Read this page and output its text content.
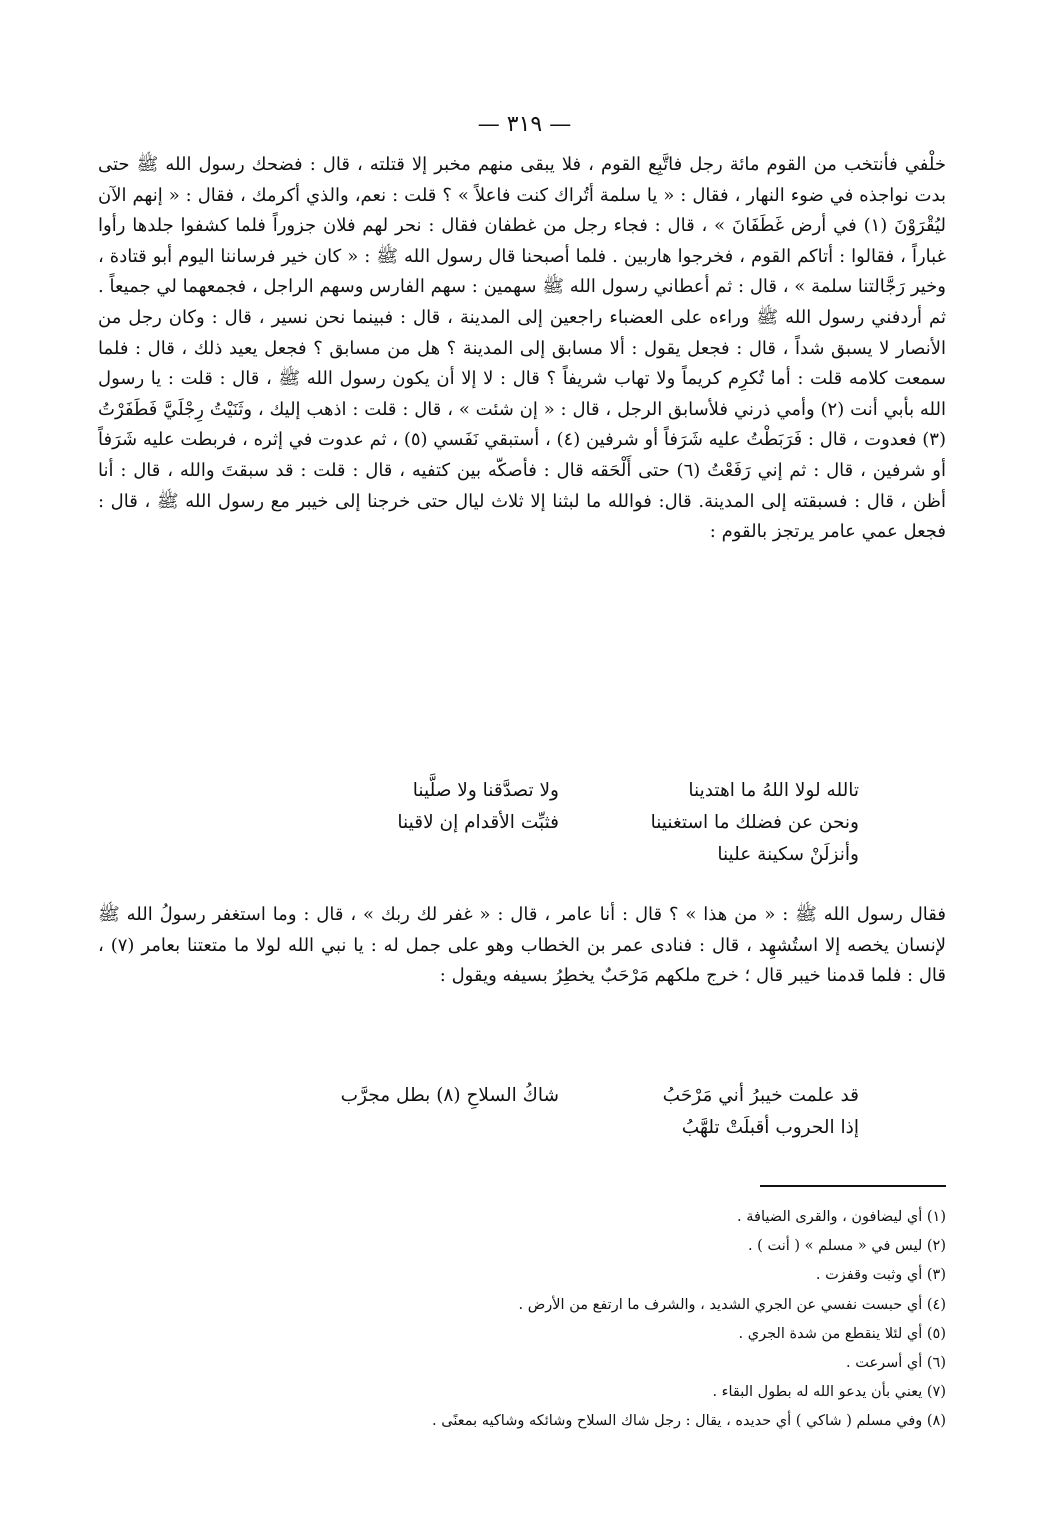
— ٣١٩ —

خلْفي فأنتخب من القوم مائة رجل فاتَّبِع القوم ، فلا يبقى منهم مخبر إلا قتلته ، قال : فضحك رسول الله ﷺ حتى بدت نواجذه في ضوء النهار ، فقال : « يا سلمة أتُراك كنت فاعلاً » ؟ قلت : نعم، والذي أكرمك ، فقال : « إنهم الآن ليُقْرَوْنَ (١) في أرض غَطَفَانَ » ، قال : فجاء رجل من غطفان فقال : نحر لهم فلان جزوراً فلما كشفوا جلدها رأوا غباراً ، فقالوا : أتاكم القوم ، فخرجوا هاربين . فلما أصبحنا قال رسول الله ﷺ : « كان خير فرساننا اليوم أبو قتادة ، وخير رَجَّالتنا سلمة » ، قال : ثم أعطاني رسول الله ﷺ سهمين : سهم الفارس وسهم الراجل ، فجمعهما لي جميعاً . ثم أردفني رسول الله ﷺ وراءه على العضباء راجعين إلى المدينة ، قال : فبينما نحن نسير ، قال : وكان رجل من الأنصار لا يسبق شداً ، قال : فجعل يقول : ألا مسابق إلى المدينة ؟ هل من مسابق ؟ فجعل يعيد ذلك ، قال : فلما سمعت كلامه قلت : أما تُكرِم كريماً ولا تهاب شريفاً ؟ قال : لا إلا أن يكون رسول الله ﷺ ، قال : قلت : يا رسول الله بأبي أنت (٢) وأمي ذرني فلأسابق الرجل ، قال : « إن شئت » ، قال : قلت : اذهب إليك ، وثَنَيْتُ رِجْلَيَّ فَطَفَرْتُ (٣) فعدوت ، قال : فَرَبَطْتُ عليه شَرَفاً أو شرفين (٤) ، أستبقي نَفَسي (٥) ، ثم عدوت في إثره ، فربطت عليه شَرَفاً أو شرفين ، قال : ثم إني رَفَعْتُ (٦) حتى أَلْحَقه قال : فأصكّه بين كتفيه ، قال : قلت : قد سبقتَ والله ، قال : أنا أظن ، قال : فسبقته إلى المدينة. قال: فوالله ما لبثنا إلا ثلاث ليال حتى خرجنا إلى خيبر مع رسول الله ﷺ ، قال : فجعل عمي عامر يرتجز بالقوم :

تالله لولا اللهُ ما اهتدينا
ولا تصدَّقنا ولا صلَّينا
ونحن عن فضلك ما استغنينا
فثبِّت الأقدام إن لاقينا
وأنزلَنْ سكينة علينا

فقال رسول الله ﷺ : « من هذا » ؟ قال : أنا عامر ، قال : « غفر لك ربك » ، قال : وما استغفر رسولُ الله ﷺ لإنسان يخصه إلا استُشهِد ، قال : فنادى عمر بن الخطاب وهو على جمل له : يا نبي الله لولا ما متعتنا بعامر (٧) ، قال : فلما قدمنا خيبر قال ؛ خرج ملكهم مَرْحَبٌ يخطِرُ بسيفه ويقول :

قد علمت خيبرُ أني مَرْحَبُ
شاكُ السلاحِ (٨) بطل مجرَّب
إذا الحروب أقبلَتْ تلهَّبُ
(١) أي ليضافون ، والقرى الضيافة .
(٢) ليس في « مسلم » ( أنت ) .
(٣) أي وثبت وقفزت .
(٤) أي حبست نفسي عن الجري الشديد ، والشرف ما ارتفع من الأرض .
(٥) أي لئلا ينقطع من شدة الجري .
(٦) أي أسرعت .
(٧) يعني بأن يدعو الله له بطول البقاء .
(٨) وفي مسلم ( شاكي ) أي حديده ، يقال : رجل شاك السلاح وشائكه وشاكيه بمعنًى .
